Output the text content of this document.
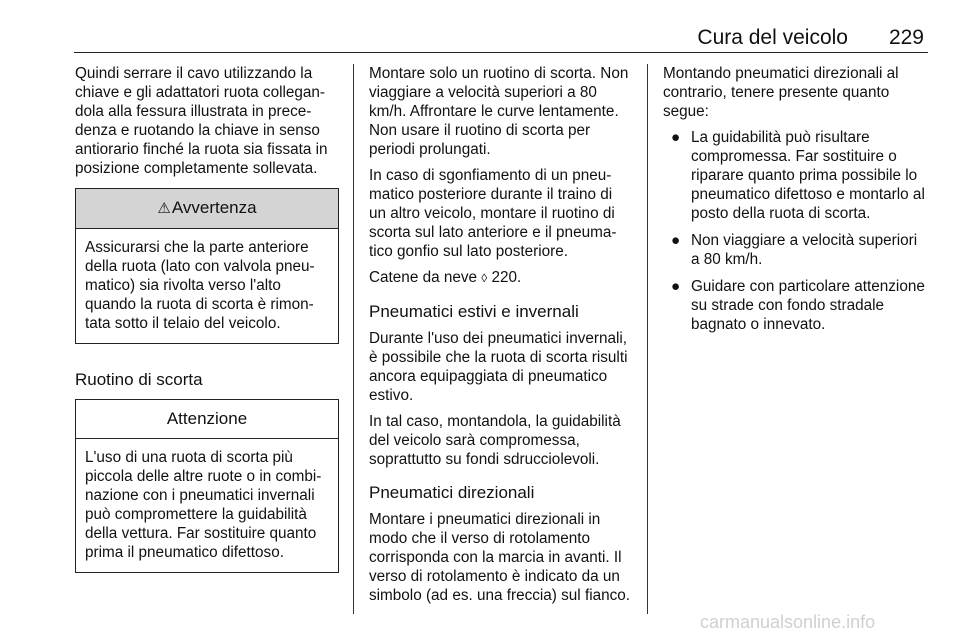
Cura del veicolo 229

Quindi serrare il cavo utilizzando la chiave e gli adattatori ruota collegandola alla fessura illustrata in precedenza e ruotando la chiave in senso antiorario finché la ruota sia fissata in posizione completamente sollevata.

⚠Avvertenza
Assicurarsi che la parte anteriore della ruota (lato con valvola pneumatico) sia rivolta verso l'alto quando la ruota di scorta è rimontata sotto il telaio del veicolo.
Ruotino di scorta
Attenzione
L'uso di una ruota di scorta più piccola delle altre ruote o in combinazione con i pneumatici invernali può compromettere la guidabilità della vettura. Far sostituire quanto prima il pneumatico difettoso.

Montare solo un ruotino di scorta. Non viaggiare a velocità superiori a 80 km/h. Affrontare le curve lentamente. Non usare il ruotino di scorta per periodi prolungati.

In caso di sgonfiamento di un pneumatico posteriore durante il traino di un altro veicolo, montare il ruotino di scorta sul lato anteriore e il pneumatico gonfio sul lato posteriore.

Catene da neve ◊ 220.

Pneumatici estivi e invernali

Durante l'uso dei pneumatici invernali, è possibile che la ruota di scorta risulti ancora equipaggiata di pneumatico estivo.

In tal caso, montandola, la guidabilità del veicolo sarà compromessa, soprattutto su fondi sdrucciolevoli.

Pneumatici direzionali

Montare i pneumatici direzionali in modo che il verso di rotolamento corrisponda con la marcia in avanti. Il verso di rotolamento è indicato da un simbolo (ad es. una freccia) sul fianco.

Montando pneumatici direzionali al contrario, tenere presente quanto segue:

● La guidabilità può risultare compromessa. Far sostituire o riparare quanto prima possibile lo pneumatico difettoso e montarlo al posto della ruota di scorta.
● Non viaggiare a velocità superiori a 80 km/h.
● Guidare con particolare attenzione su strade con fondo stradale bagnato o innevato.
carmanualsonline.info
